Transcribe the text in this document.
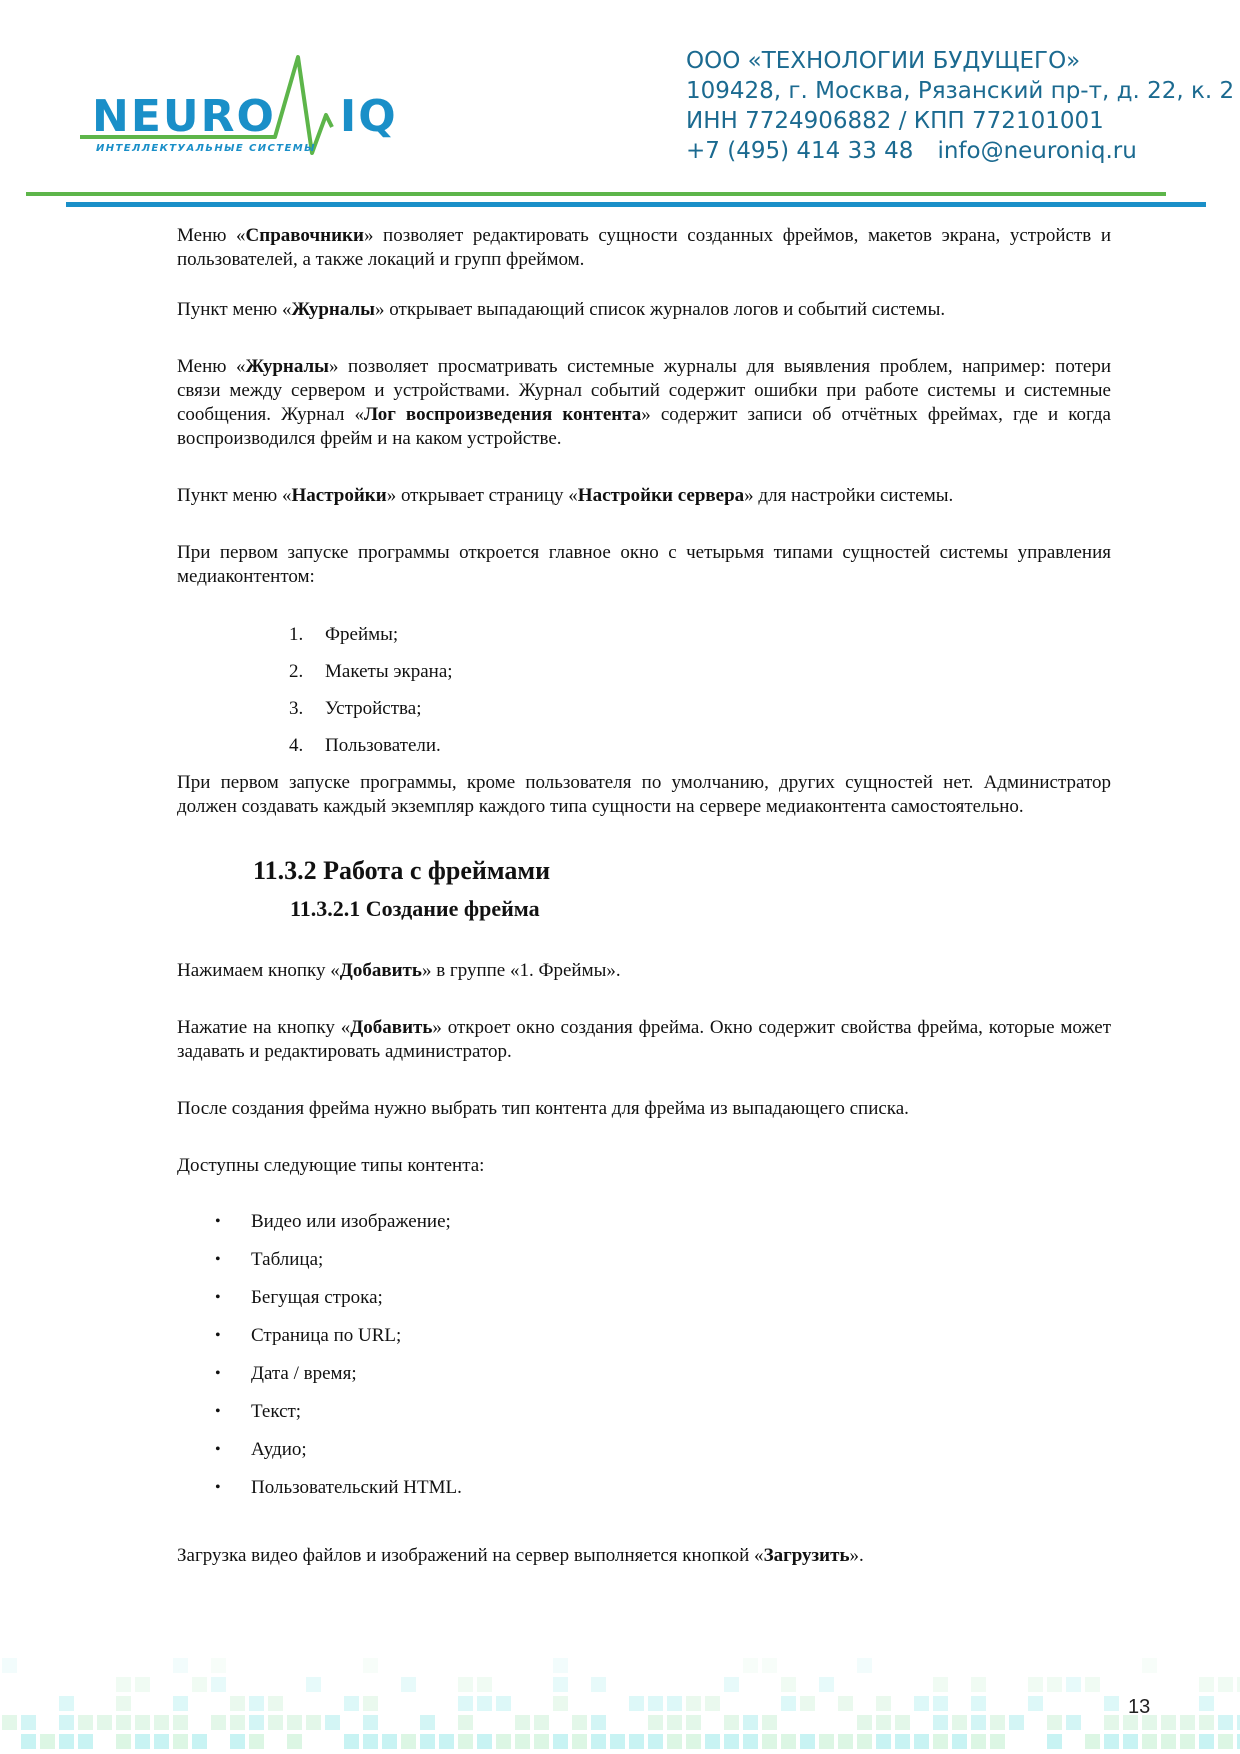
NEURO IQ
ИНТЕЛЛЕКТУАЛЬНЫЕ СИСТЕМЫ
ООО «ТЕХНОЛОГИИ БУДУЩЕГО»
109428, г. Москва, Рязанский пр-т, д. 22, к. 2
ИНН 7724906882 / КПП 772101001
+7 (495) 414 33 48 info@neuroniq.ru

Меню «Справочники» позволяет редактировать сущности созданных фреймов, макетов экрана, устройств и пользователей, а также локаций и групп фреймом.

Пункт меню «Журналы» открывает выпадающий список журналов логов и событий системы.

Меню «Журналы» позволяет просматривать системные журналы для выявления проблем, например: потери связи между сервером и устройствами. Журнал событий содержит ошибки при работе системы и системные сообщения. Журнал «Лог воспроизведения контента» содержит записи об отчётных фреймах, где и когда воспроизводился фрейм и на каком устройстве.

Пункт меню «Настройки» открывает страницу «Настройки сервера» для настройки системы.

При первом запуске программы откроется главное окно с четырьмя типами сущностей системы управления медиаконтентом:

1.	Фреймы;
2.	Макеты экрана;
3.	Устройства;
4.	Пользователи.

При первом запуске программы, кроме пользователя по умолчанию, других сущностей нет. Администратор должен создавать каждый экземпляр каждого типа сущности на сервере медиаконтента самостоятельно.

11.3.2 Работа с фреймами
11.3.2.1 Создание фрейма

Нажимаем кнопку «Добавить» в группе «1. Фреймы».

Нажатие на кнопку «Добавить» откроет окно создания фрейма. Окно содержит свойства фрейма, которые может задавать и редактировать администратор.

После создания фрейма нужно выбрать тип контента для фрейма из выпадающего списка.

Доступны следующие типы контента:

•	Видео или изображение;
•	Таблица;
•	Бегущая строка;
•	Страница по URL;
•	Дата / время;
•	Текст;
•	Аудио;
•	Пользовательский HTML.

Загрузка видео файлов и изображений на сервер выполняется кнопкой «Загрузить».

13
